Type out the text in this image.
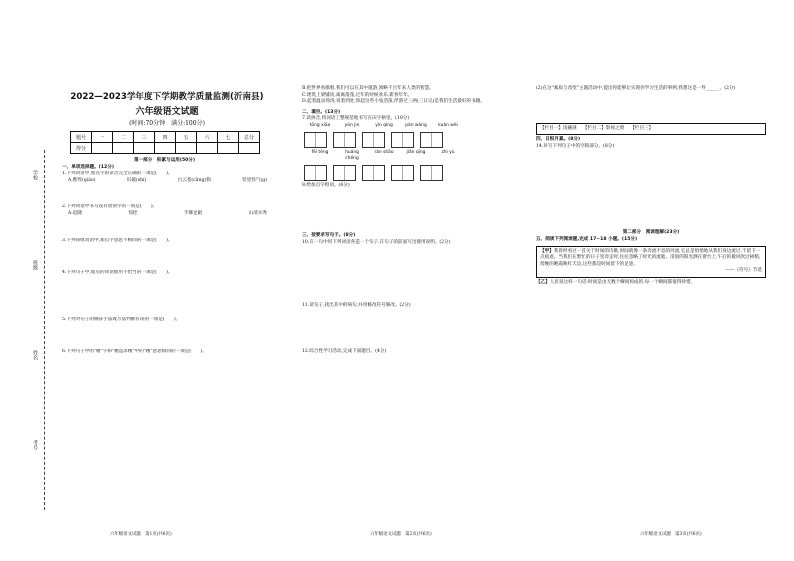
学校
班级
姓名
考号
2022—2023学年度下学期教学质量监测(沂南县)
六年级语文试题
(时间:70分钟　满分:100分)
题号	一	二	三	四	五	六	七	总分
得分								
第一部分　积累与运用(50分)
一、单项选择题。(12分)
1.下列词语中,加点字的读音完全正确的一项是(　　)。
A.憔悴(qiáo)	识破(shí)	白云苍(cāng)狗	怪里怪气(g)
2.下列词语中书写没有错别字的一项是(　　)。
A.追随	惊控	手舞足蹈	山清水秀
3.下列每组词语中,加点字意思不相同的一项是(　　)。
4.下列句子中,加点的词语使用不恰当的一项是(　　)。
5.下列对句子的修辞手法或写法判断有误的一项是(　　)。
6.下列句子中的"精"字和"精益求精"中的"精"意思相同的一项是(　　)。
B.把世界看歌唱,我们可以在其中遨游,领略千百年来人类的智慧。
C.建筑上梁铺顶,离离蓬蓬,过年的时候欢乐,新春年年。
D.起着温泉汤汤,说着到处,惊起这些小兔活泼,浮游过三两(三日记)是我们生活最好的书籍。
二、填空。(13分)
7.读拼音,将词语工整规范地书写在田字格里。(10分)
tōng xiāo	yǔn jìn	yǐn qíng	pàn wàng	kuǎn wèi
fēi téng	huáng chéng
rán shāo	jiǎn qīng	zhì yù
8.给加点字组词。(6分)
三、按要求写句子。(8分)
10.在一句中用下列词语各造一个句子,在句子的前面写出使用说明。(2分)
11.读句子,找出其中的病句,并用修改符号修改。(2分)
12.综合性学习活动,完成下面题目。(4分)
(2)在这"素质与改变"主题活动中,提出你能够让实现你学习生活的事例,我想这是一件______。(2分)
【栏目一】饭碗谜　 【栏目二】影视之窗　 【栏目三】
四、日积月累。(8分)
14.补写下列句子中的空缺部分。(8分)
第二部分　阅读理解(23分)
五、阅读下列阅读题,完成 17~18 小题。(15分)
【甲】我曾经看过一首关于时间的诗歌,时间就像一条奔流不息的河流,它总是悄悄地从我们身边流过,不留下一点痕迹。当我们在繁忙的日子里奔走时,往往忽略了时光的流逝。清晨的阳光洒在窗台上,午后的微风吹过树梢,傍晚的晚霞映红天边,这些都是时间留下的足迹。
——《符号》节选
【乙】人民说这样一句话:时间是由无数个瞬间构成的,每一个瞬间都值得珍惜。
六年级语文试题　第1页(共6页)	六年级语文试题　第2页(共6页)	六年级语文试题　第3页(共6页)
